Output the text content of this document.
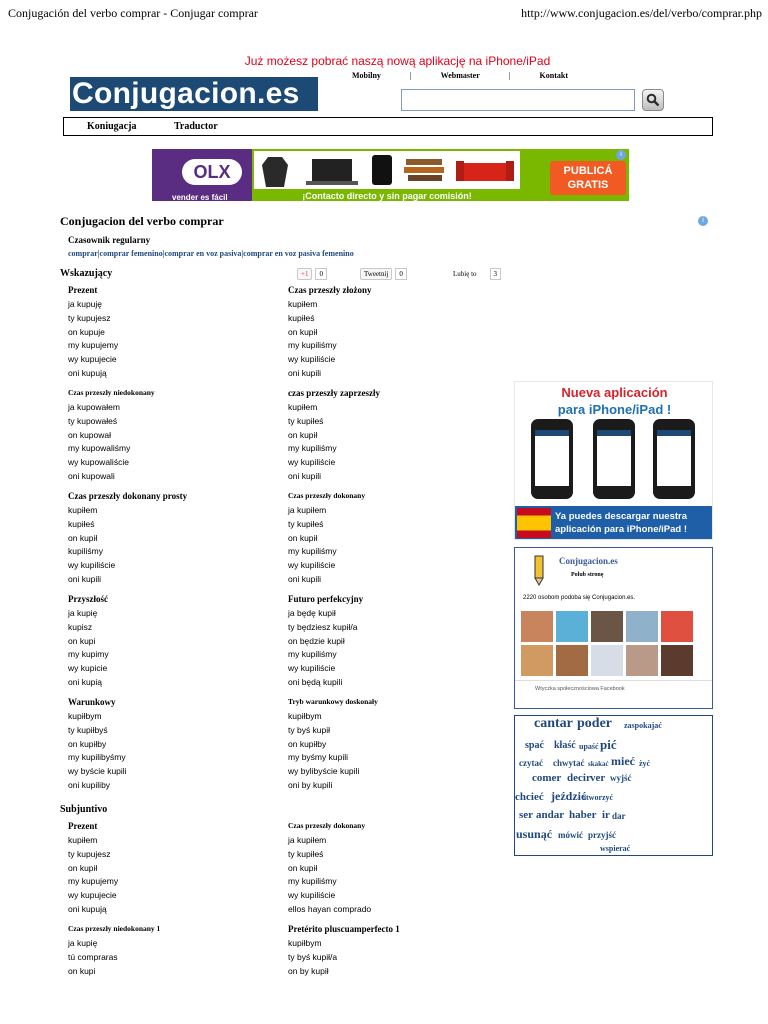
Conjugación del verbo comprar - Conjugar comprar	http://www.conjugacion.es/del/verbo/comprar.php
Już możesz pobrać naszą nową aplikację na iPhone/iPad
Conjugacion.es
Mobilny	|	Webmaster	|	Kontakt
Koniugacja	Traductor
OLX
vender es fácil	¡Contacto directo y sin pagar comisión!
PUBLICÁ GRATIS
i
Conjugacion del verbo comprar	i
Czasownik regularny
comprar|comprar femenino|comprar en voz pasiva|comprar en voz pasiva femenino
Wskazujący	+1	0	Tweetnij	0	Lubię to	3
Prezent
ja kupuję
ty kupujesz
on kupuje
my kupujemy
wy kupujecie
oni kupują
Czas przeszły złożony
kupiłem
kupiłeś
on kupił
my kupiliśmy
wy kupiliście
oni kupili
Czas przeszły niedokonany
ja kupowałem
ty kupowałeś
on kupował
my kupowaliśmy
wy kupowaliście
oni kupowali
czas przeszły zaprzeszły
kupiłem
ty kupiłeś
on kupił
my kupiliśmy
wy kupiliście
oni kupili
Czas przeszły dokonany prosty
kupiłem
kupiłeś
on kupił
kupiliśmy
wy kupiliście
oni kupili
Czas przeszły dokonany
ja kupiłem
ty kupiłeś
on kupił
my kupiliśmy
wy kupiliście
oni kupili
Przyszłość
ja kupię
kupisz
on kupi
my kupimy
wy kupicie
oni kupią
Futuro perfekcyjny
ja będę kupił
ty będziesz kupił/a
on będzie kupił
my kupiliśmy
wy kupiliście
oni będą kupili
Warunkowy
kupiłbym
ty kupiłbyś
on kupiłby
my kupilibyśmy
wy byście kupili
oni kupiliby
Tryb warunkowy doskonały
kupiłbym
ty byś kupił
on kupiłby
my byśmy kupili
wy bylibyście kupili
oni by kupili
Subjuntivo
Prezent
kupiłem
ty kupujesz
on kupił
my kupujemy
wy kupujecie
oni kupują
Czas przeszły dokonany
ja kupiłem
ty kupiłeś
on kupił
my kupiliśmy
wy kupiliście
ellos hayan comprado
Czas przeszły niedokonany 1
ja kupię
tú compraras
on kupi
Pretérito pluscuamperfecto 1
kupiłbym
ty byś kupił/a
on by kupił
Nueva aplicación
para iPhone/iPad !
Ya puedes descargar nuestra aplicación para iPhone/iPad !
Conjugacion.es
Polub stronę
2220 osobom podoba się Conjugacion.es.
Wtyczka społecznościowa Facebook
cantar poder zaspokajać
spać kłaść upaść pić
czytać chwytać skakać mieć żyć
comer decir ver wyjść
chcieć jeździć
otworzyć
ser andar haber ir dar
usunąć mówić przyjść
wspierać
